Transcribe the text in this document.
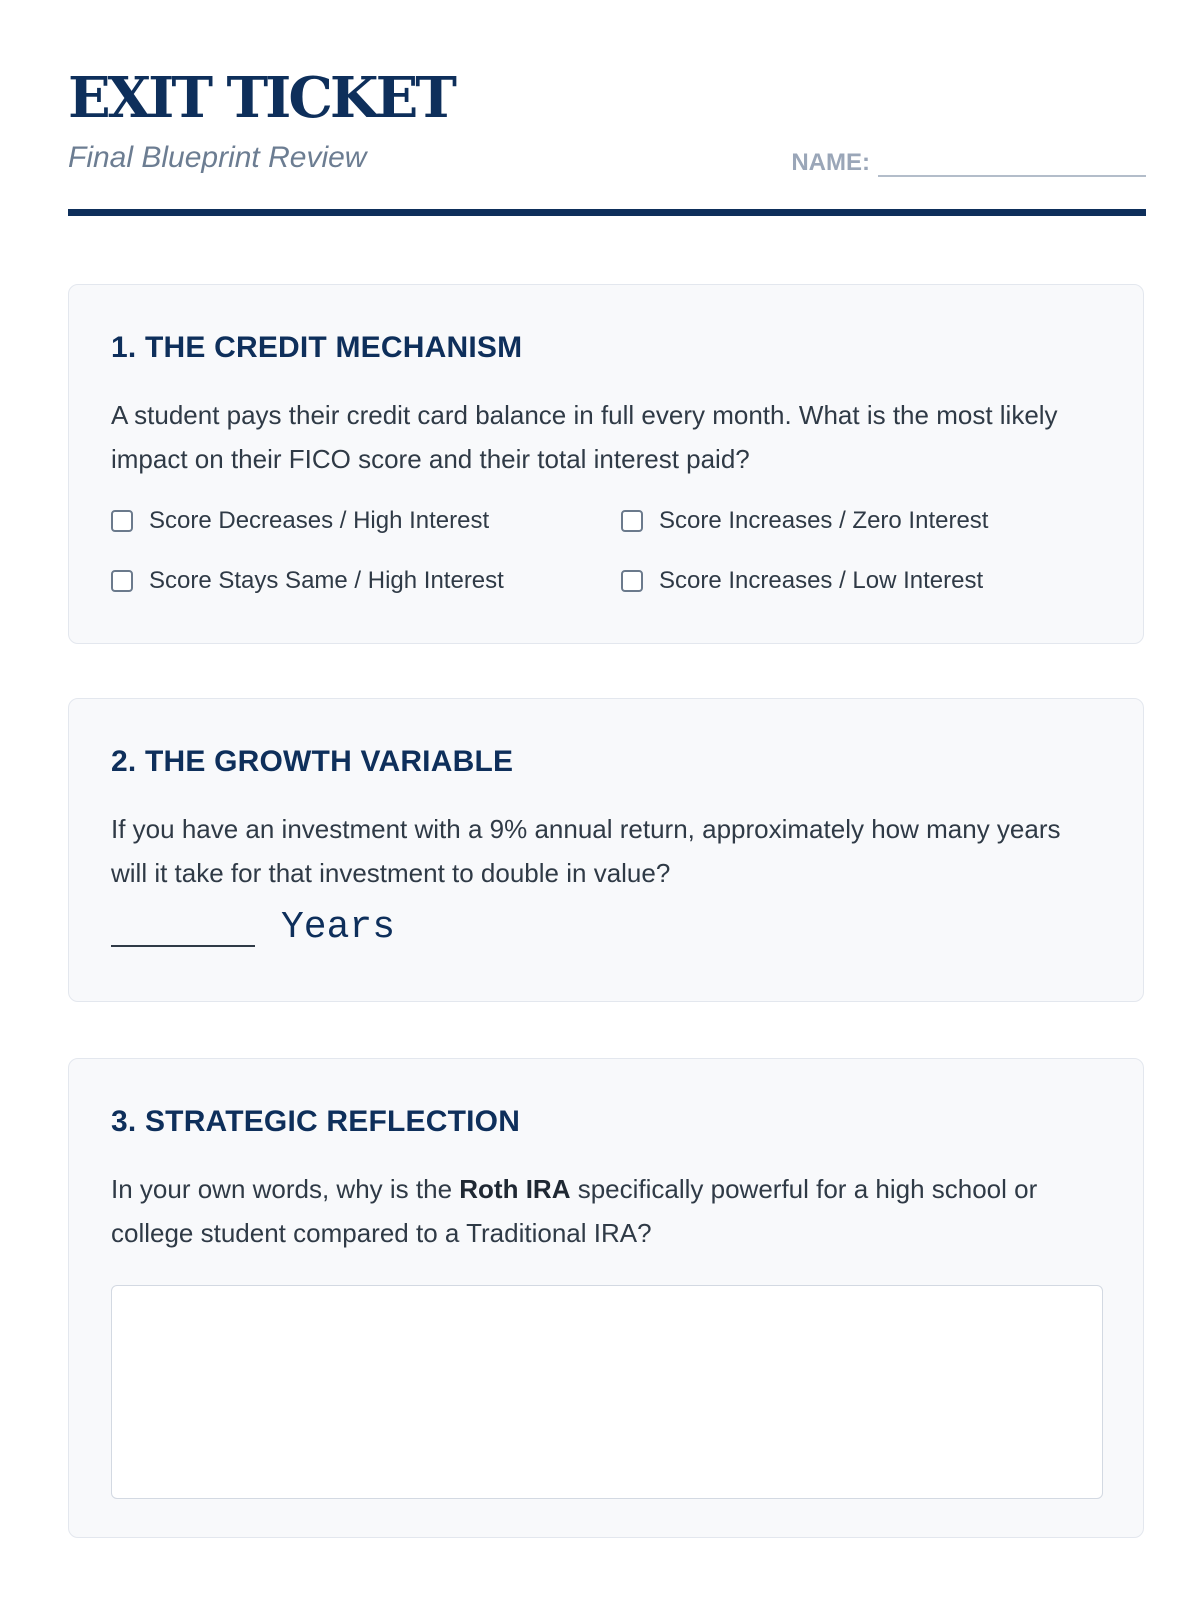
EXIT TICKET
Final Blueprint Review	NAME:
1. THE CREDIT MECHANISM

A student pays their credit card balance in full every month. What is the most likely impact on their FICO score and their total interest paid?

Score Decreases / High Interest	Score Increases / Zero Interest
Score Stays Same / High Interest	Score Increases / Low Interest
2. THE GROWTH VARIABLE

If you have an investment with a 9% annual return, approximately how many years will it take for that investment to double in value?

Years
3. STRATEGIC REFLECTION

In your own words, why is the Roth IRA specifically powerful for a high school or college student compared to a Traditional IRA?
